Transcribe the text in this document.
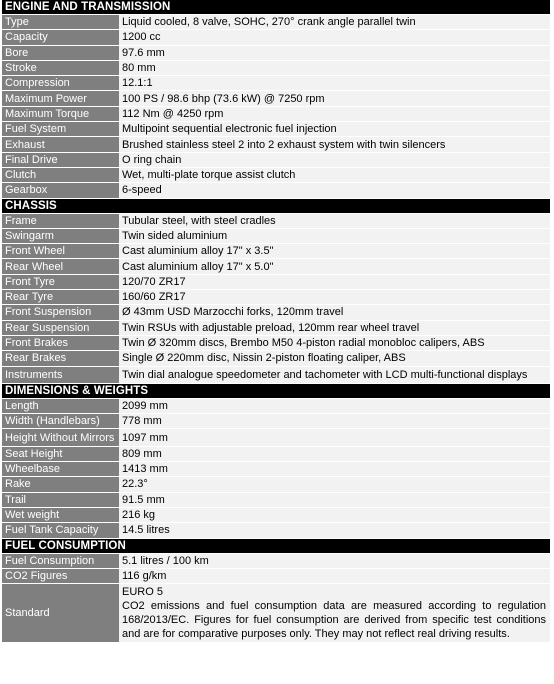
ENGINE AND TRANSMISSION	
Type	Liquid cooled, 8 valve, SOHC, 270° crank angle parallel twin
Capacity	1200 cc
Bore	97.6 mm
Stroke	80 mm
Compression	12.1:1
Maximum Power	100 PS / 98.6 bhp (73.6 kW) @ 7250 rpm
Maximum Torque	112 Nm @ 4250 rpm
Fuel System	Multipoint sequential electronic fuel injection
Exhaust	Brushed stainless steel 2 into 2 exhaust system with twin silencers
Final Drive	O ring chain
Clutch	Wet, multi-plate torque assist clutch
Gearbox	6-speed
CHASSIS	
Frame	Tubular steel, with steel cradles
Swingarm	Twin sided aluminium
Front Wheel	Cast aluminium alloy 17" x 3.5"
Rear Wheel	Cast aluminium alloy 17" x 5.0"
Front Tyre	120/70 ZR17
Rear Tyre	160/60 ZR17
Front Suspension	Ø 43mm USD Marzocchi forks, 120mm travel
Rear Suspension	Twin RSUs with adjustable preload, 120mm rear wheel travel
Front Brakes	Twin Ø 320mm discs, Brembo M50 4-piston radial monobloc calipers, ABS
Rear Brakes	Single Ø 220mm disc, Nissin 2-piston floating caliper, ABS
Instruments	Twin dial analogue speedometer and tachometer with LCD multi-functional displays
DIMENSIONS & WEIGHTS	
Length	2099 mm
Width (Handlebars)	778 mm
Height Without Mirrors	1097 mm
Seat Height	809 mm
Wheelbase	1413 mm
Rake	22.3°
Trail	91.5 mm
Wet weight	216 kg
Fuel Tank Capacity	14.5 litres
FUEL CONSUMPTION	
Fuel Consumption	5.1 litres / 100 km
CO2 Figures	116 g/km
Standard	EURO 5
CO2 emissions and fuel consumption data are measured according to regulation 168/2013/EC. Figures for fuel consumption are derived from specific test conditions and are for comparative purposes only. They may not reflect real driving results.
